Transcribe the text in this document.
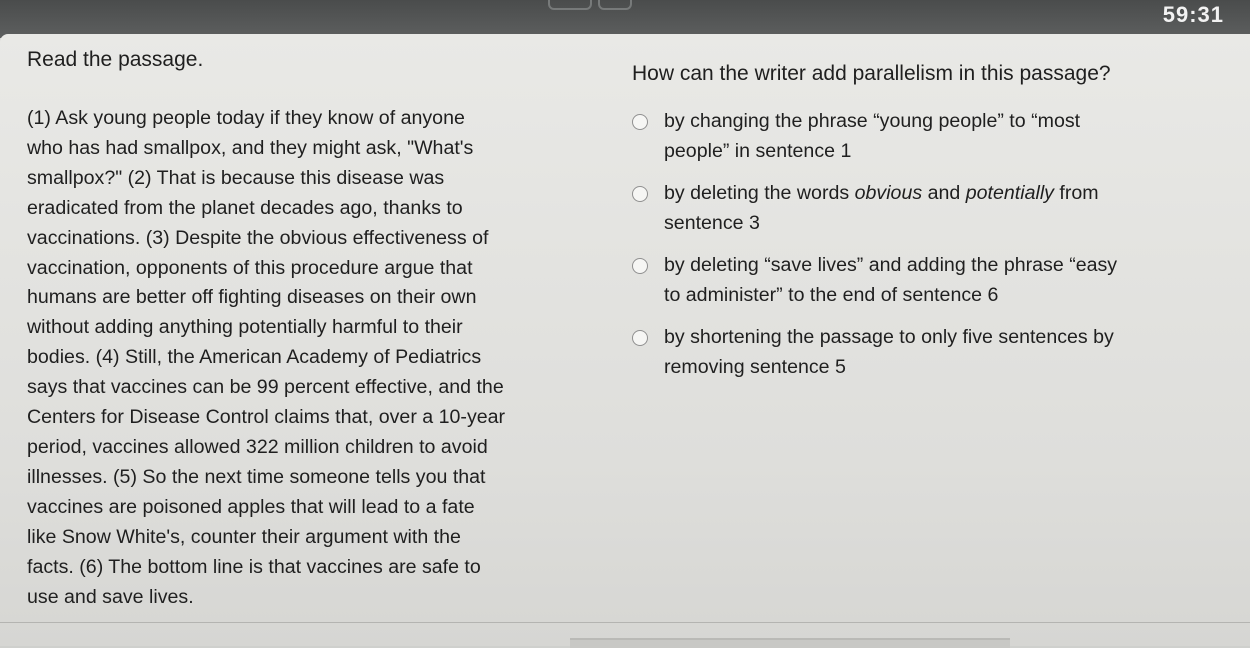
59:31

Read the passage.

(1) Ask young people today if they know of anyone
who has had smallpox, and they might ask, "What's
smallpox?" (2) That is because this disease was
eradicated from the planet decades ago, thanks to
vaccinations. (3) Despite the obvious effectiveness of
vaccination, opponents of this procedure argue that
humans are better off fighting diseases on their own
without adding anything potentially harmful to their
bodies. (4) Still, the American Academy of Pediatrics
says that vaccines can be 99 percent effective, and the
Centers for Disease Control claims that, over a 10-year
period, vaccines allowed 322 million children to avoid
illnesses. (5) So the next time someone tells you that
vaccines are poisoned apples that will lead to a fate
like Snow White's, counter their argument with the
facts. (6) The bottom line is that vaccines are safe to
use and save lives.

How can the writer add parallelism in this passage?

by changing the phrase “young people” to “most
people” in sentence 1
by deleting the words obvious and potentially from
sentence 3
by deleting “save lives” and adding the phrase “easy
to administer” to the end of sentence 6
by shortening the passage to only five sentences by
removing sentence 5
